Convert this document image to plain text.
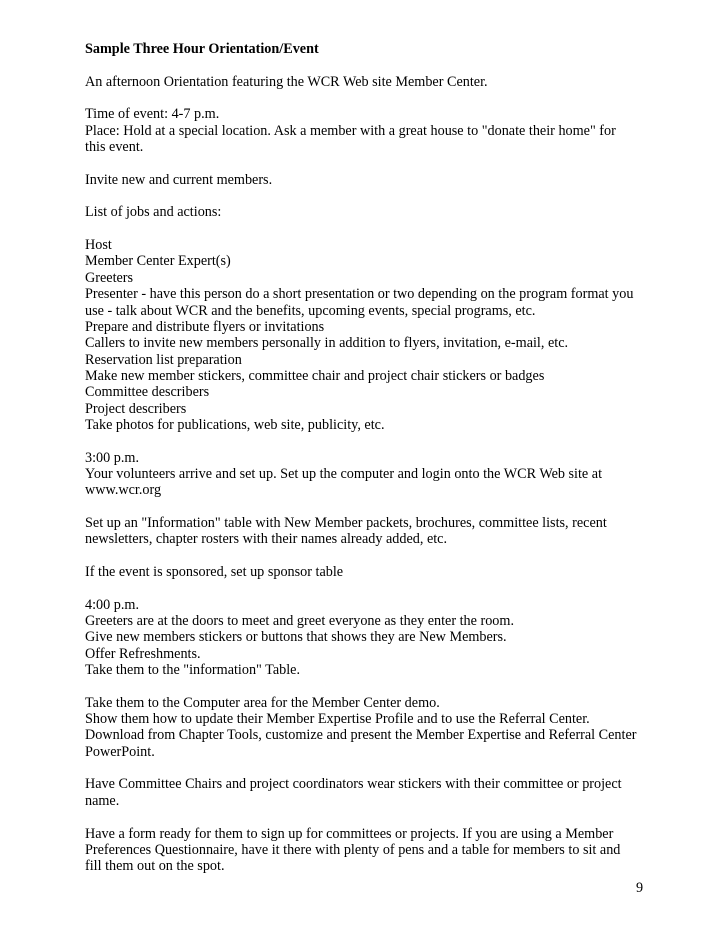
Sample Three Hour Orientation/Event

An afternoon Orientation featuring the WCR Web site Member Center.

Time of event: 4-7 p.m.
Place: Hold at a special location. Ask a member with a great house to "donate their home" for
this event.

Invite new and current members.

List of jobs and actions:

Host
Member Center Expert(s)
Greeters
Presenter - have this person do a short presentation or two depending on the program format you
use - talk about WCR and the benefits, upcoming events, special programs, etc.
Prepare and distribute flyers or invitations
Callers to invite new members personally in addition to flyers, invitation, e-mail, etc.
Reservation list preparation
Make new member stickers, committee chair and project chair stickers or badges
Committee describers
Project describers
Take photos for publications, web site, publicity, etc.

3:00 p.m.
Your volunteers arrive and set up. Set up the computer and login onto the WCR Web site at
www.wcr.org

Set up an "Information" table with New Member packets, brochures, committee lists, recent
newsletters, chapter rosters with their names already added, etc.

If the event is sponsored, set up sponsor table

4:00 p.m.
Greeters are at the doors to meet and greet everyone as they enter the room.
Give new members stickers or buttons that shows they are New Members.
Offer Refreshments.
Take them to the "information" Table.

Take them to the Computer area for the Member Center demo.
Show them how to update their Member Expertise Profile and to use the Referral Center.
Download from Chapter Tools, customize and present the Member Expertise and Referral Center
PowerPoint.

Have Committee Chairs and project coordinators wear stickers with their committee or project
name.

Have a form ready for them to sign up for committees or projects. If you are using a Member
Preferences Questionnaire, have it there with plenty of pens and a table for members to sit and
fill them out on the spot.

9
